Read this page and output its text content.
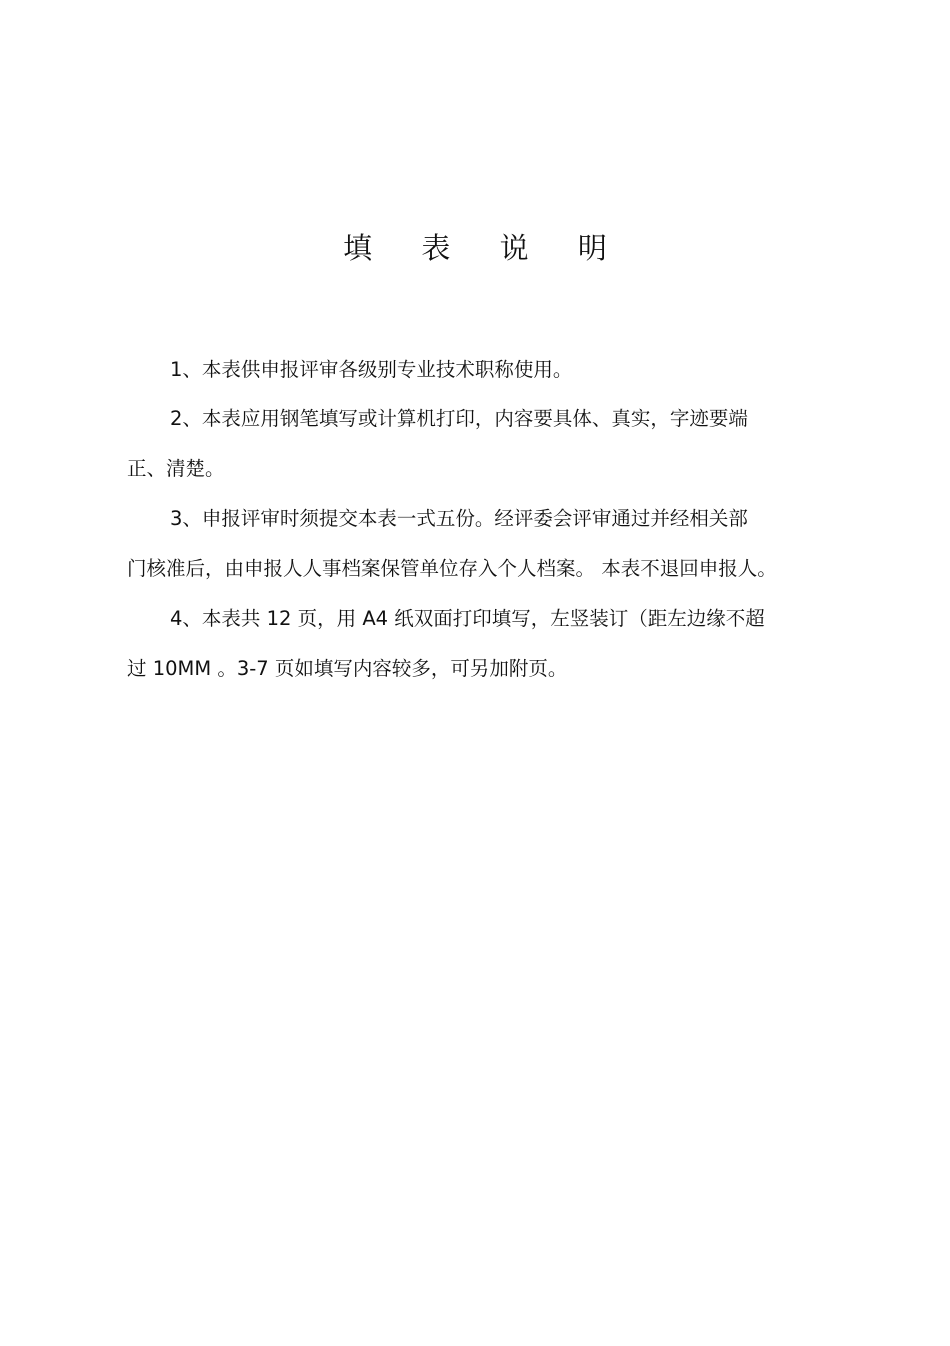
填 表 说 明

1、本表供申报评审各级别专业技术职称使用。

2、本表应用钢笔填写或计算机打印，内容要具体、真实，字迹要端

正、清楚。

3、申报评审时须提交本表一式五份。经评委会评审通过并经相关部

门核准后，由申报人人事档案保管单位存入个人档案。 本表不退回申报人。

4、本表共 12 页，用 A4 纸双面打印填写，左竖装订（距左边缘不超

过 10MM 。3-7 页如填写内容较多，可另加附页。
